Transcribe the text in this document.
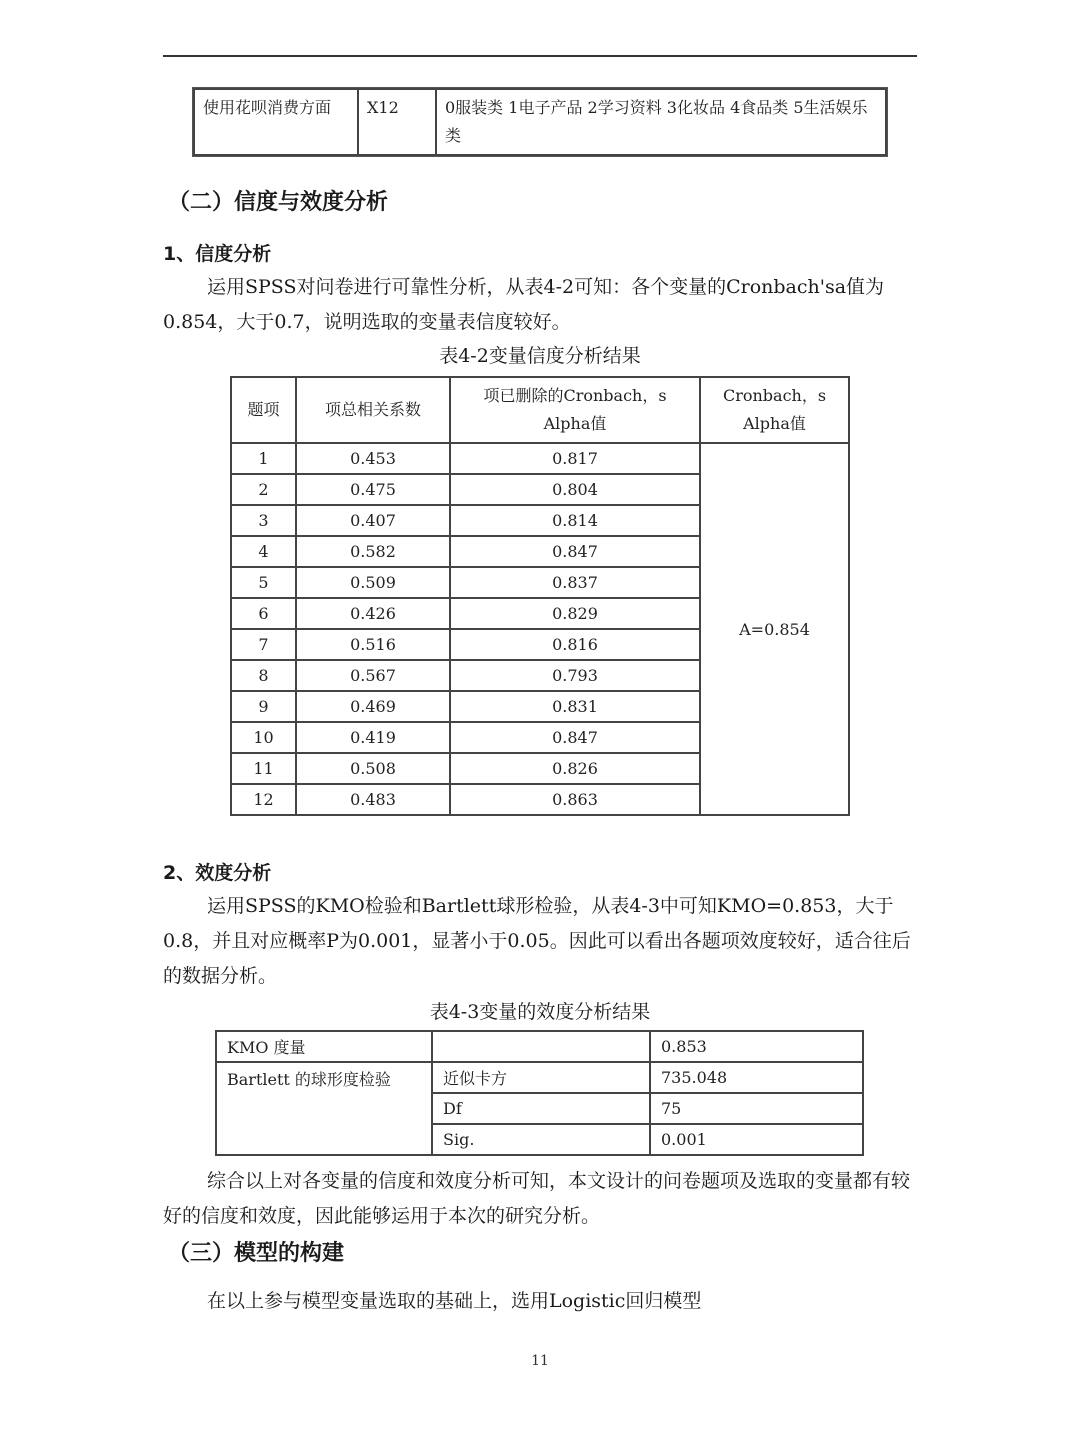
使用花呗消费方面	X12	0服装类 1电子产品 2学习资料 3化妆品 4食品类 5生活娱乐类
（二）信度与效度分析
1、信度分析
运用SPSS对问卷进行可靠性分析，从表4-2可知：各个变量的Cronbach'sa值为0.854，大于0.7，说明选取的变量表信度较好。
表4-2变量信度分析结果
题项	项总相关系数	项已删除的Cronbach，s Alpha值	Cronbach，s Alpha值
1	0.453	0.817	A=0.854
2	0.475	0.804	
3	0.407	0.814	
4	0.582	0.847	
5	0.509	0.837	
6	0.426	0.829	
7	0.516	0.816	
8	0.567	0.793	
9	0.469	0.831	
10	0.419	0.847	
11	0.508	0.826	
12	0.483	0.863	
2、效度分析
运用SPSS的KMO检验和Bartlett球形检验，从表4-3中可知KMO=0.853，大于0.8，并且对应概率P为0.001，显著小于0.05。因此可以看出各题项效度较好，适合往后的数据分析。
表4-3变量的效度分析结果
KMO 度量		0.853
Bartlett 的球形度检验	近似卡方	735.048
	Df	75
	Sig.	0.001
综合以上对各变量的信度和效度分析可知，本文设计的问卷题项及选取的变量都有较好的信度和效度，因此能够运用于本次的研究分析。
（三）模型的构建
在以上参与模型变量选取的基础上，选用Logistic回归模型
11
